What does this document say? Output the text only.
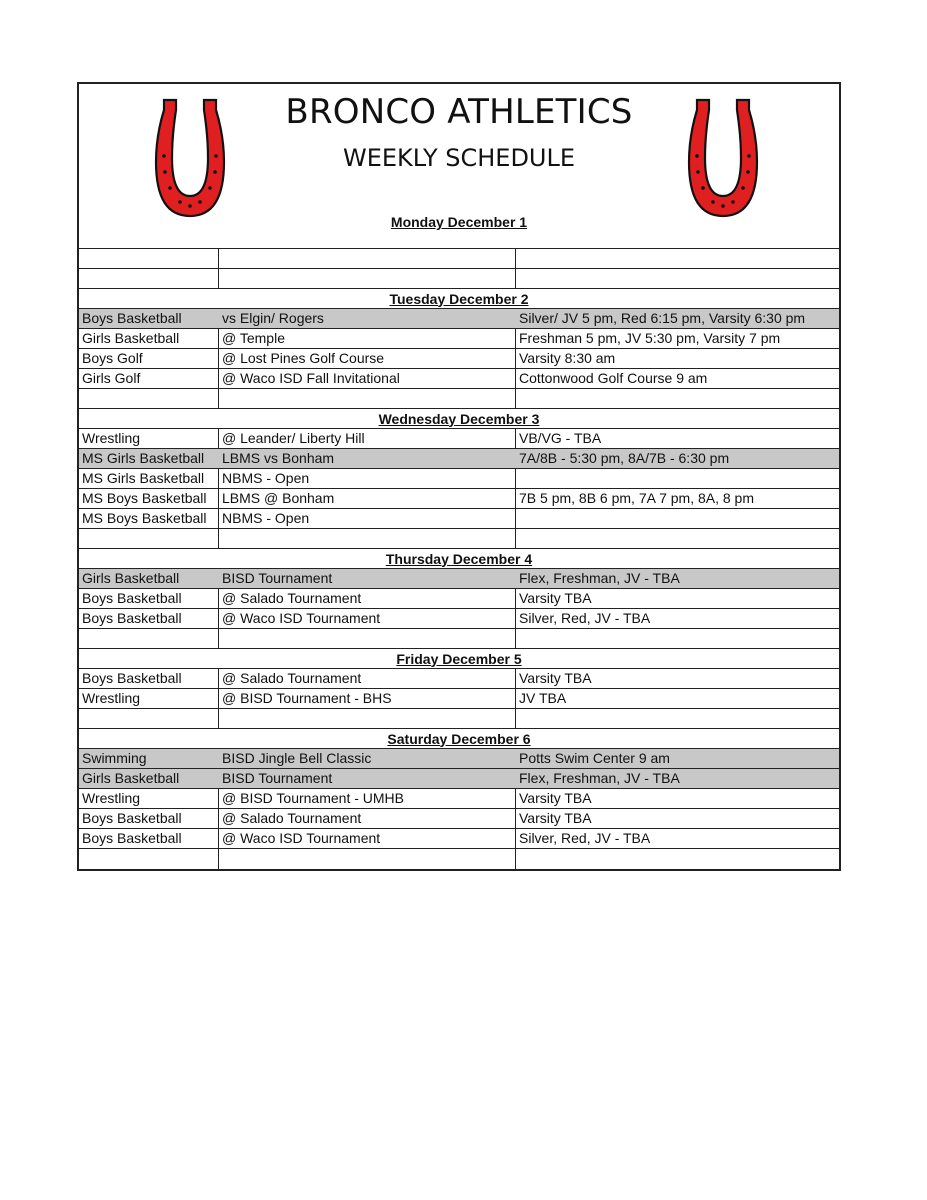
BRONCO ATHLETICS
WEEKLY SCHEDULE
Monday December 1
Tuesday December 2
Boys Basketball	vs Elgin/ Rogers	Silver/ JV 5 pm, Red 6:15 pm, Varsity 6:30 pm
Girls Basketball	@ Temple	Freshman 5 pm, JV 5:30 pm, Varsity 7 pm
Boys Golf	@ Lost Pines Golf Course	Varsity 8:30 am
Girls Golf	@ Waco ISD Fall Invitational	Cottonwood Golf Course 9 am
Wednesday December 3
Wrestling	@ Leander/ Liberty Hill	VB/VG - TBA
MS Girls Basketball	LBMS vs Bonham	7A/8B - 5:30 pm, 8A/7B - 6:30 pm
MS Girls Basketball	NBMS - Open
MS Boys Basketball	LBMS @ Bonham	7B 5 pm, 8B 6 pm, 7A 7 pm, 8A, 8 pm
MS Boys Basketball	NBMS - Open
Thursday December 4
Girls Basketball	BISD Tournament	Flex, Freshman, JV - TBA
Boys Basketball	@ Salado Tournament	Varsity TBA
Boys Basketball	@ Waco ISD Tournament	Silver, Red, JV - TBA
Friday December 5
Boys Basketball	@ Salado Tournament	Varsity TBA
Wrestling	@ BISD Tournament - BHS	JV TBA
Saturday December 6
Swimming	BISD Jingle Bell Classic	Potts Swim Center 9 am
Girls Basketball	BISD Tournament	Flex, Freshman, JV - TBA
Wrestling	@ BISD Tournament - UMHB	Varsity TBA
Boys Basketball	@ Salado Tournament	Varsity TBA
Boys Basketball	@ Waco ISD Tournament	Silver, Red, JV - TBA
